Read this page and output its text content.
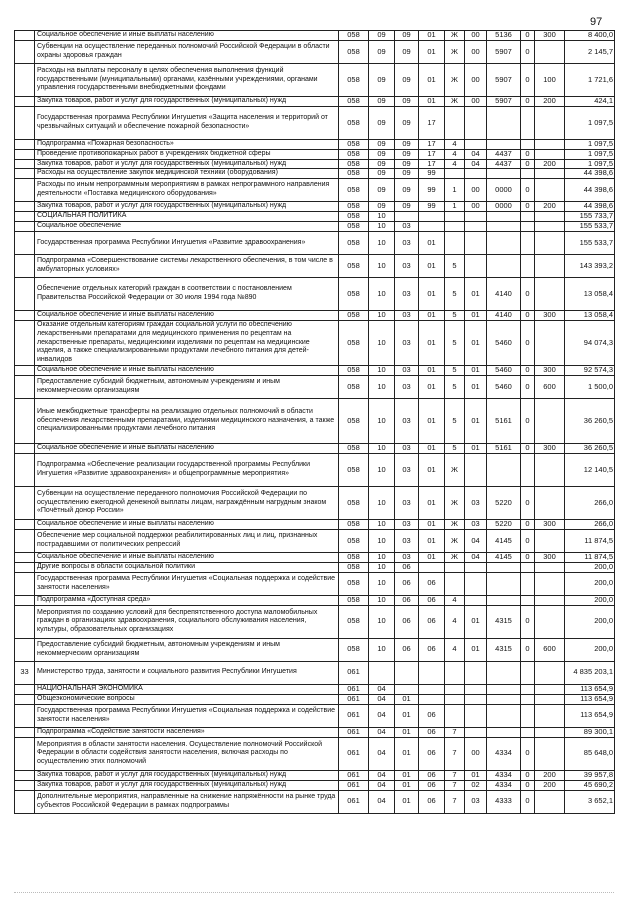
97
	Социальное обеспечение и иные выплаты населению	058	09	09	01	Ж	00	5136	0	300	8 400,0
	Субвенции на осуществление переданных полномочий Российской Федерации в области охраны здоровья граждан	058	09	09	01	Ж	00	5907	0		2 145,7
	Расходы на выплаты персоналу в целях обеспечения выполнения функций государственными (муниципальными) органами, казёнными учреждениями, органами управления государственными внебюджетными фондами	058	09	09	01	Ж	00	5907	0	100	1 721,6
	Закупка товаров, работ и услуг для государственных (муниципальных) нужд	058	09	09	01	Ж	00	5907	0	200	424,1
	Государственная программа Республики Ингушетия «Защита населения и территорий от чрезвычайных ситуаций и обеспечение пожарной безопасности»	058	09	09	17						1 097,5
	Подпрограмма «Пожарная безопасность»	058	09	09	17	4					1 097,5
	Проведение противопожарных работ в учреждениях бюджетной сферы	058	09	09	17	4	04	4437	0		1 097,5
	Закупка товаров, работ и услуг для государственных (муниципальных) нужд	058	09	09	17	4	04	4437	0	200	1 097,5
	Расходы на осуществление закупок медицинской техники (оборудования)	058	09	09	99						44 398,6
	Расходы по иным непрограммным мероприятиям в рамках непрограммного направления деятельности «Поставка медицинского оборудования»	058	09	09	99	1	00	0000	0		44 398,6
	Закупка товаров, работ и услуг для государственных (муниципальных) нужд	058	09	09	99	1	00	0000	0	200	44 398,6
	СОЦИАЛЬНАЯ ПОЛИТИКА	058	10								155 733,7
	Социальное обеспечение	058	10	03							155 533,7
	Государственная программа Республики Ингушетия «Развитие здравоохранения»	058	10	03	01						155 533,7
	Подпрограмма «Совершенствование системы лекарственного обеспечения, в том числе в амбулаторных условиях»	058	10	03	01	5					143 393,2
	Обеспечение отдельных категорий граждан в соответствии с постановлением Правительства Российской Федерации от 30 июля 1994 года №890	058	10	03	01	5	01	4140	0		13 058,4
	Социальное обеспечение и иные выплаты населению	058	10	03	01	5	01	4140	0	300	13 058,4
	Оказание отдельным категориям граждан социальной услуги по обеспечению лекарственными препаратами для медицинского применения по рецептам на лекарственные препараты, медицинскими изделиями по рецептам на медицинские изделия, а также специализированными продуктами лечебного питания для детей-инвалидов	058	10	03	01	5	01	5460	0		94 074,3
	Социальное обеспечение и иные выплаты населению	058	10	03	01	5	01	5460	0	300	92 574,3
	Предоставление субсидий бюджетным, автономным учреждениям и иным некоммерческим организациям	058	10	03	01	5	01	5460	0	600	1 500,0
	Иные межбюджетные трансферты на реализацию отдельных полномочий в области обеспечения лекарственными препаратами, изделиями медицинского назначения, а также специализированными продуктами лечебного питания	058	10	03	01	5	01	5161	0		36 260,5
	Социальное обеспечение и иные выплаты населению	058	10	03	01	5	01	5161	0	300	36 260,5
	Подпрограмма «Обеспечение реализации государственной программы Республики Ингушетия «Развитие здравоохранения» и общепрограммные мероприятия»	058	10	03	01	Ж					12 140,5
	Субвенции на осуществление переданного полномочия Российской Федерации по осуществлению ежегодной денежной выплаты лицам, награждённым нагрудным знаком «Почётный донор России»	058	10	03	01	Ж	03	5220	0		266,0
	Социальное обеспечение и иные выплаты населению	058	10	03	01	Ж	03	5220	0	300	266,0
	Обеспечение мер социальной поддержки реабилитированных лиц и лиц, признанных пострадавшими от политических репрессий	058	10	03	01	Ж	04	4145	0		11 874,5
	Социальное обеспечение и иные выплаты населению	058	10	03	01	Ж	04	4145	0	300	11 874,5
	Другие вопросы в области социальной политики	058	10	06							200,0
	Государственная программа Республики Ингушетия «Социальная поддержка и содействие занятости населения»	058	10	06	06						200,0
	Подпрограмма «Доступная среда»	058	10	06	06	4					200,0
	Мероприятия по созданию условий для беспрепятственного доступа маломобильных граждан в организациях здравоохранения, социального обслуживания населения, культуры, образовательных организациях	058	10	06	06	4	01	4315	0		200,0
	Предоставление субсидий бюджетным, автономным учреждениям и иным некоммерческим организациям	058	10	06	06	4	01	4315	0	600	200,0
33	Министерство труда, занятости и социального развития Республики Ингушетия	061									4 835 203,1
	НАЦИОНАЛЬНАЯ ЭКОНОМИКА	061	04								113 654,9
	Общеэкономические вопросы	061	04	01							113 654,9
	Государственная программа Республики Ингушетия «Социальная поддержка и содействие занятости населения»	061	04	01	06						113 654,9
	Подпрограмма «Содействие занятости населения»	061	04	01	06	7					89 300,1
	Мероприятия в области занятости населения. Осуществление полномочий Российской Федерации в области содействия занятости населения, включая расходы по осуществлению этих полномочий	061	04	01	06	7	00	4334	0		85 648,0
	Закупка товаров, работ и услуг для государственных (муниципальных) нужд	061	04	01	06	7	01	4334	0	200	39 957,8
	Закупка товаров, работ и услуг для государственных (муниципальных) нужд	061	04	01	06	7	02	4334	0	200	45 690,2
	Дополнительные мероприятия, направленные на снижение напряжённости на рынке труда субъектов Российской Федерации в рамках подпрограммы	061	04	01	06	7	03	4333	0		3 652,1
